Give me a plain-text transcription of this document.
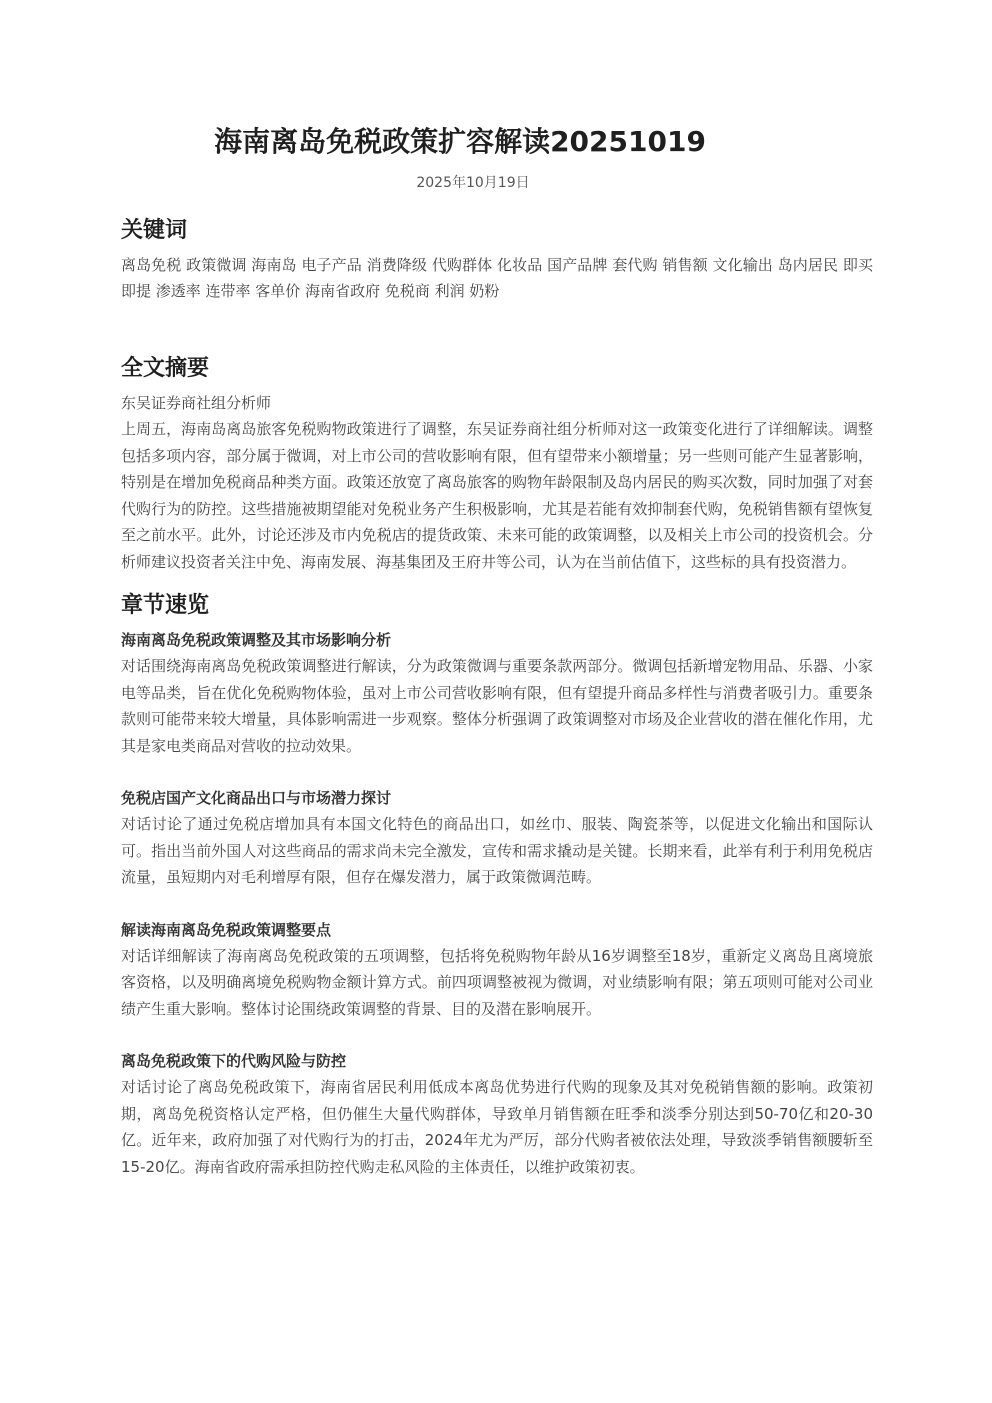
海南离岛免税政策扩容解读20251019
2025年10月19日
关键词

离岛免税 政策微调 海南岛 电子产品 消费降级 代购群体 化妆品 国产品牌 套代购 销售额 文化输出 岛内居民 即买即提 渗透率 连带率 客单价 海南省政府 免税商 利润 奶粉

全文摘要

东吴证券商社组分析师

上周五，海南岛离岛旅客免税购物政策进行了调整，东吴证券商社组分析师对这一政策变化进行了详细解读。调整包括多项内容，部分属于微调，对上市公司的营收影响有限，但有望带来小额增量；另一些则可能产生显著影响，特别是在增加免税商品种类方面。政策还放宽了离岛旅客的购物年龄限制及岛内居民的购买次数，同时加强了对套代购行为的防控。这些措施被期望能对免税业务产生积极影响，尤其是若能有效抑制套代购，免税销售额有望恢复至之前水平。此外，讨论还涉及市内免税店的提货政策、未来可能的政策调整，以及相关上市公司的投资机会。分析师建议投资者关注中免、海南发展、海基集团及王府井等公司，认为在当前估值下，这些标的具有投资潜力。

章节速览
海南离岛免税政策调整及其市场影响分析

对话围绕海南离岛免税政策调整进行解读，分为政策微调与重要条款两部分。微调包括新增宠物用品、乐器、小家电等品类，旨在优化免税购物体验，虽对上市公司营收影响有限，但有望提升商品多样性与消费者吸引力。重要条款则可能带来较大增量，具体影响需进一步观察。整体分析强调了政策调整对市场及企业营收的潜在催化作用，尤其是家电类商品对营收的拉动效果。

免税店国产文化商品出口与市场潜力探讨

对话讨论了通过免税店增加具有本国文化特色的商品出口，如丝巾、服装、陶瓷茶等，以促进文化输出和国际认可。指出当前外国人对这些商品的需求尚未完全激发，宣传和需求撬动是关键。长期来看，此举有利于利用免税店流量，虽短期内对毛利增厚有限，但存在爆发潜力，属于政策微调范畴。

解读海南离岛免税政策调整要点

对话详细解读了海南离岛免税政策的五项调整，包括将免税购物年龄从16岁调整至18岁，重新定义离岛且离境旅客资格，以及明确离境免税购物金额计算方式。前四项调整被视为微调，对业绩影响有限；第五项则可能对公司业绩产生重大影响。整体讨论围绕政策调整的背景、目的及潜在影响展开。

离岛免税政策下的代购风险与防控

对话讨论了离岛免税政策下，海南省居民利用低成本离岛优势进行代购的现象及其对免税销售额的影响。政策初期，离岛免税资格认定严格，但仍催生大量代购群体，导致单月销售额在旺季和淡季分别达到50-70亿和20-30亿。近年来，政府加强了对代购行为的打击，2024年尤为严厉，部分代购者被依法处理，导致淡季销售额腰斩至15-20亿。海南省政府需承担防控代购走私风险的主体责任，以维护政策初衷。
